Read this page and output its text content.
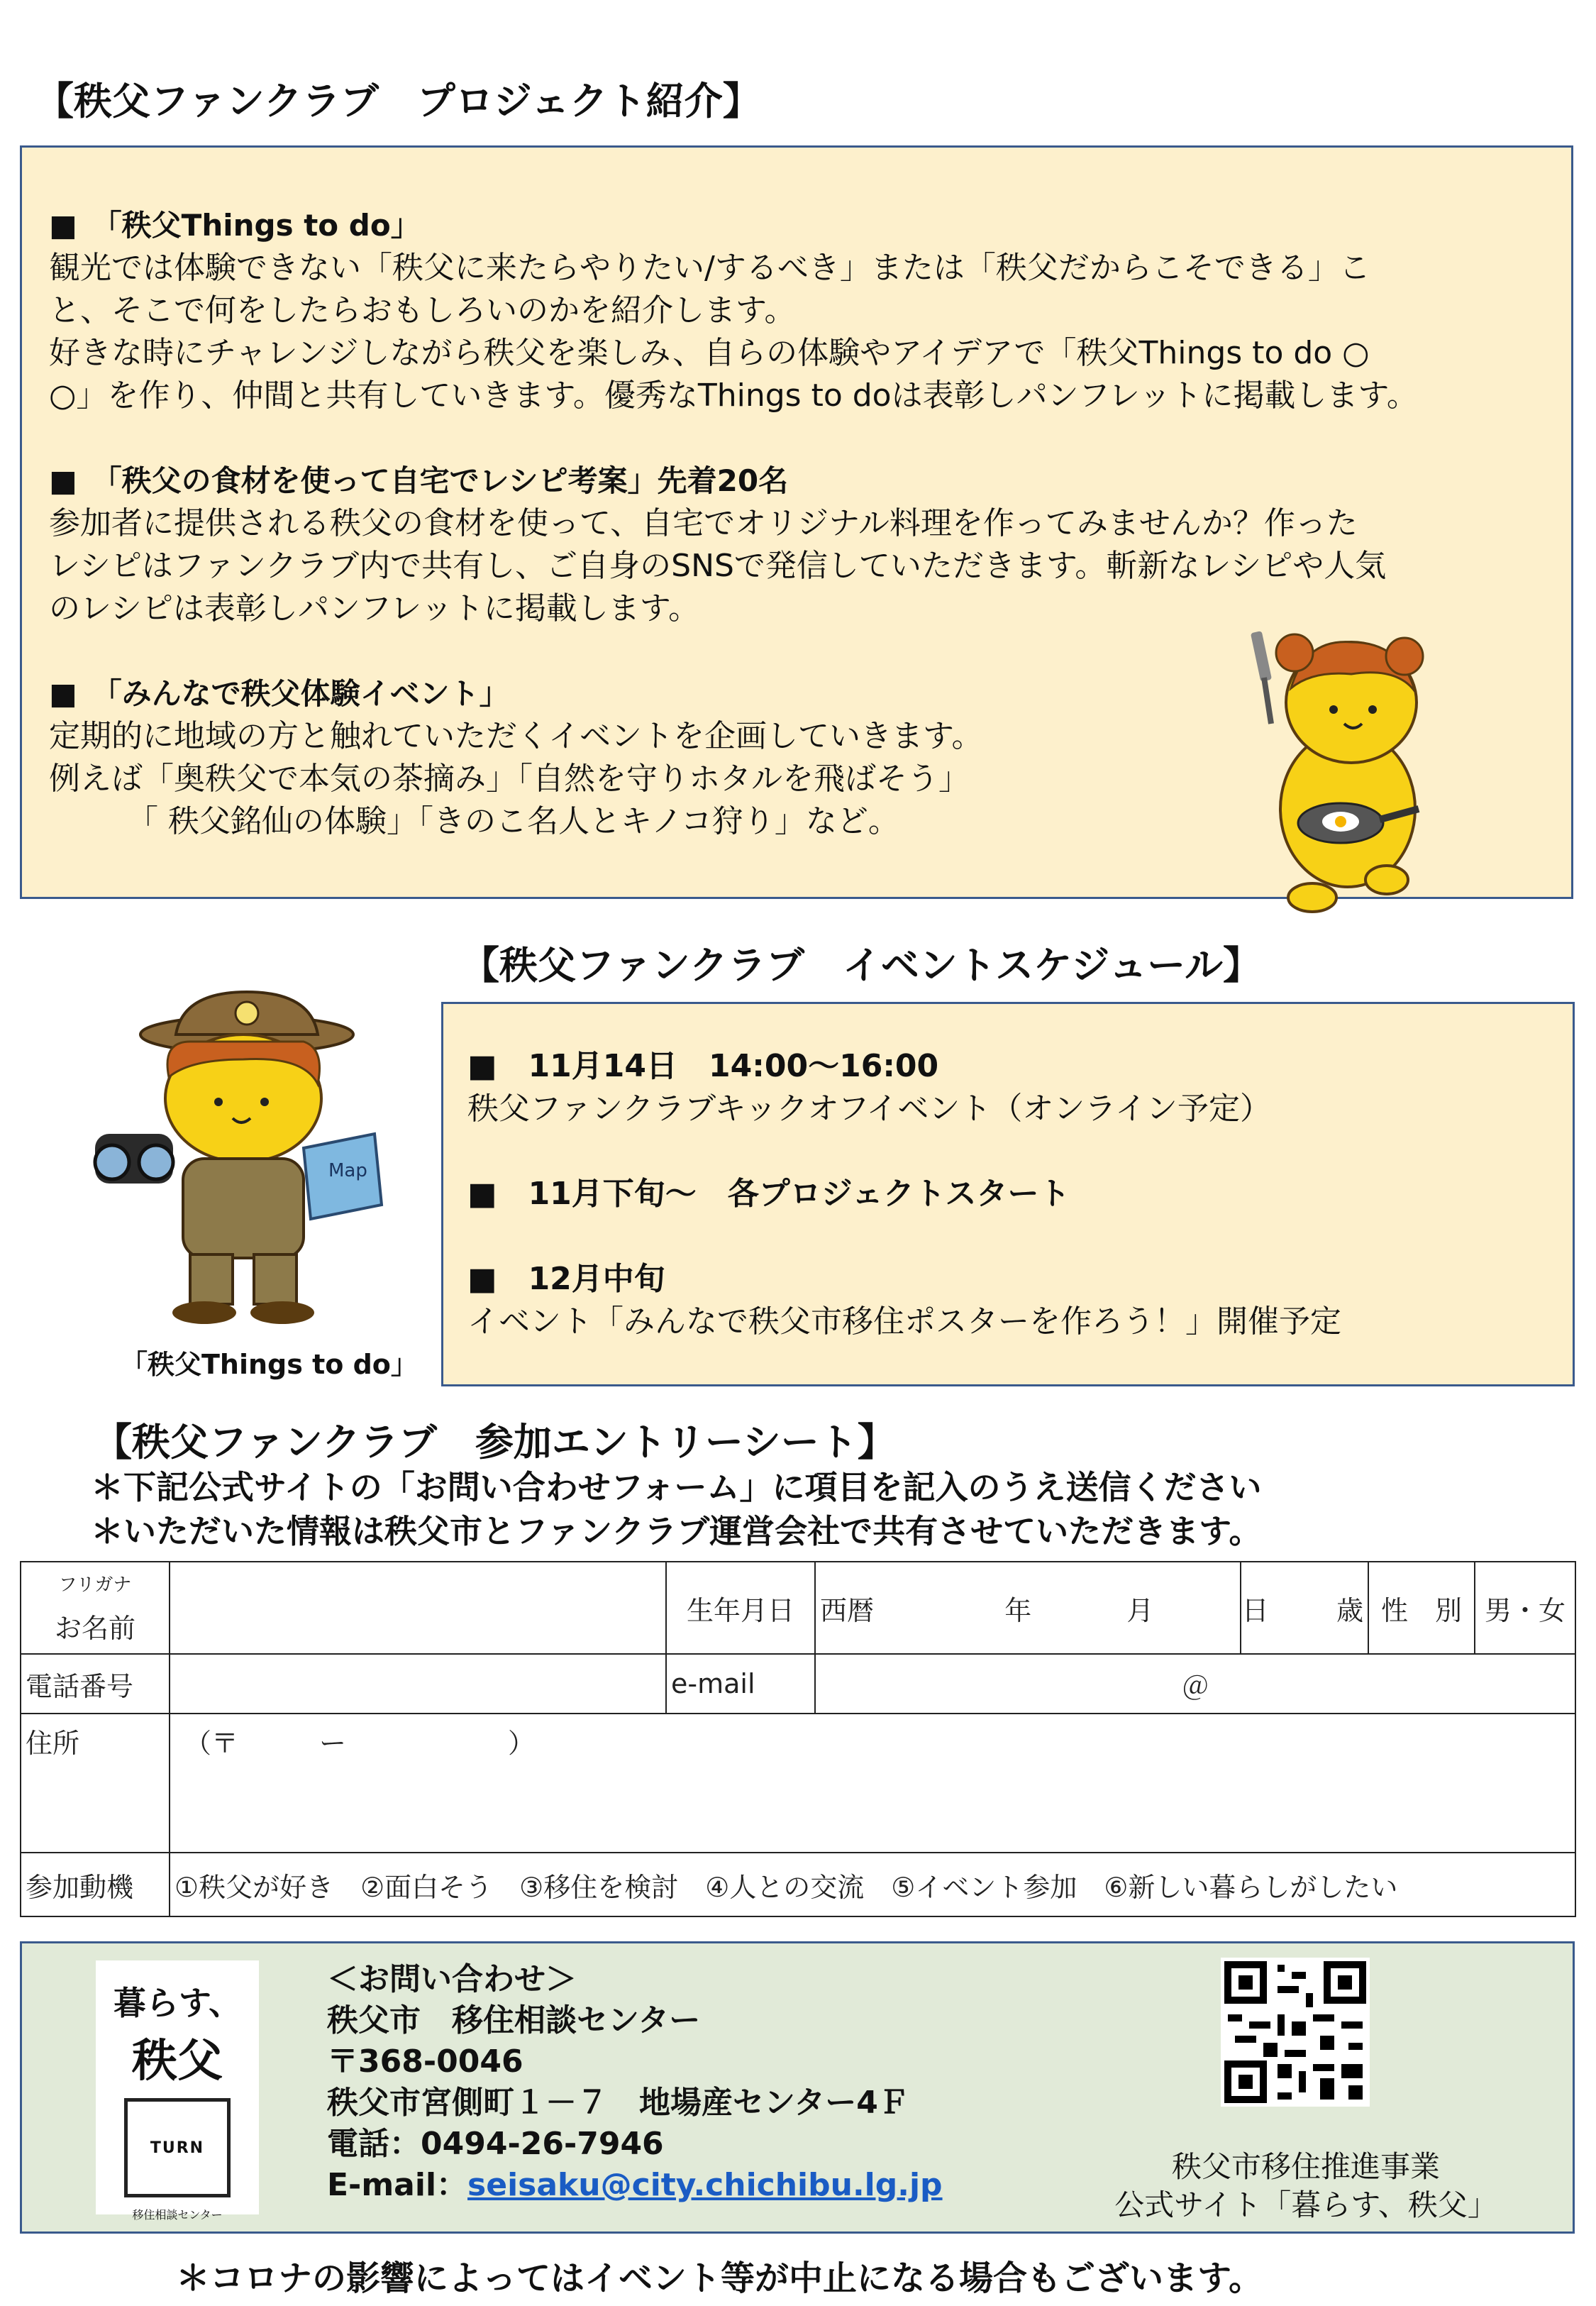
【秩父ファンクラブ　プロジェクト紹介】

■　「秩父Things to do」

観光では体験できない「秩父に来たらやりたい/するべき」または「秩父だからこそできる」こ

と、そこで何をしたらおもしろいのかを紹介します。

好きな時にチャレンジしながら秩父を楽しみ、自らの体験やアイデアで「秩父Things to do ○

○」を作り、仲間と共有していきます。優秀なThings to doは表彰しパンフレットに掲載します。

■　「秩父の食材を使って自宅でレシピ考案」先着20名

参加者に提供される秩父の食材を使って、自宅でオリジナル料理を作ってみませんか？作った

レシピはファンクラブ内で共有し、ご自身のSNSで発信していただきます。斬新なレシピや人気

のレシピは表彰しパンフレットに掲載します。

■　「みんなで秩父体験イベント」

定期的に地域の方と触れていただくイベントを企画していきます。

例えば「奥秩父で本気の茶摘み」「自然を守りホタルを飛ばそう」

　　　「 秩父銘仙の体験」「きのこ名人とキノコ狩り」など。

【秩父ファンクラブ　イベントスケジュール】
Map
「秩父Things to do」

■　11月14日　14:00～16:00

秩父ファンクラブキックオフイベント（オンライン予定）

■　11月下旬～　各プロジェクトスタート

■　12月中旬

イベント「みんなで秩父市移住ポスターを作ろう！」開催予定

【秩父ファンクラブ　参加エントリーシート】
＊下記公式サイトの「お問い合わせフォーム」に項目を記入のうえ送信ください
＊いただいた情報は秩父市とファンクラブ運営会社で共有させていただきます。
フリガナ
お名前		生年月日	西暦 年 月 日	歳	性　別	男・女
電話番号		e-mail	＠			
住所	（〒　　　ー　　　　　　）					
参加動機	①秩父が好き　②面白そう　③移住を検討　④人との交流　⑤イベント参加　⑥新しい暮らしがしたい					
暮らす、
秩父
TURN
移住相談センター

＜お問い合わせ＞

秩父市　移住相談センター

〒368-0046

秩父市宮側町１－７　地場産センター4Ｆ

電話：0494-26-7946

E-mail：seisaku@city.chichibu.lg.jp

秩父市移住推進事業
公式サイト「暮らす、秩父」
＊コロナの影響によってはイベント等が中止になる場合もございます。
